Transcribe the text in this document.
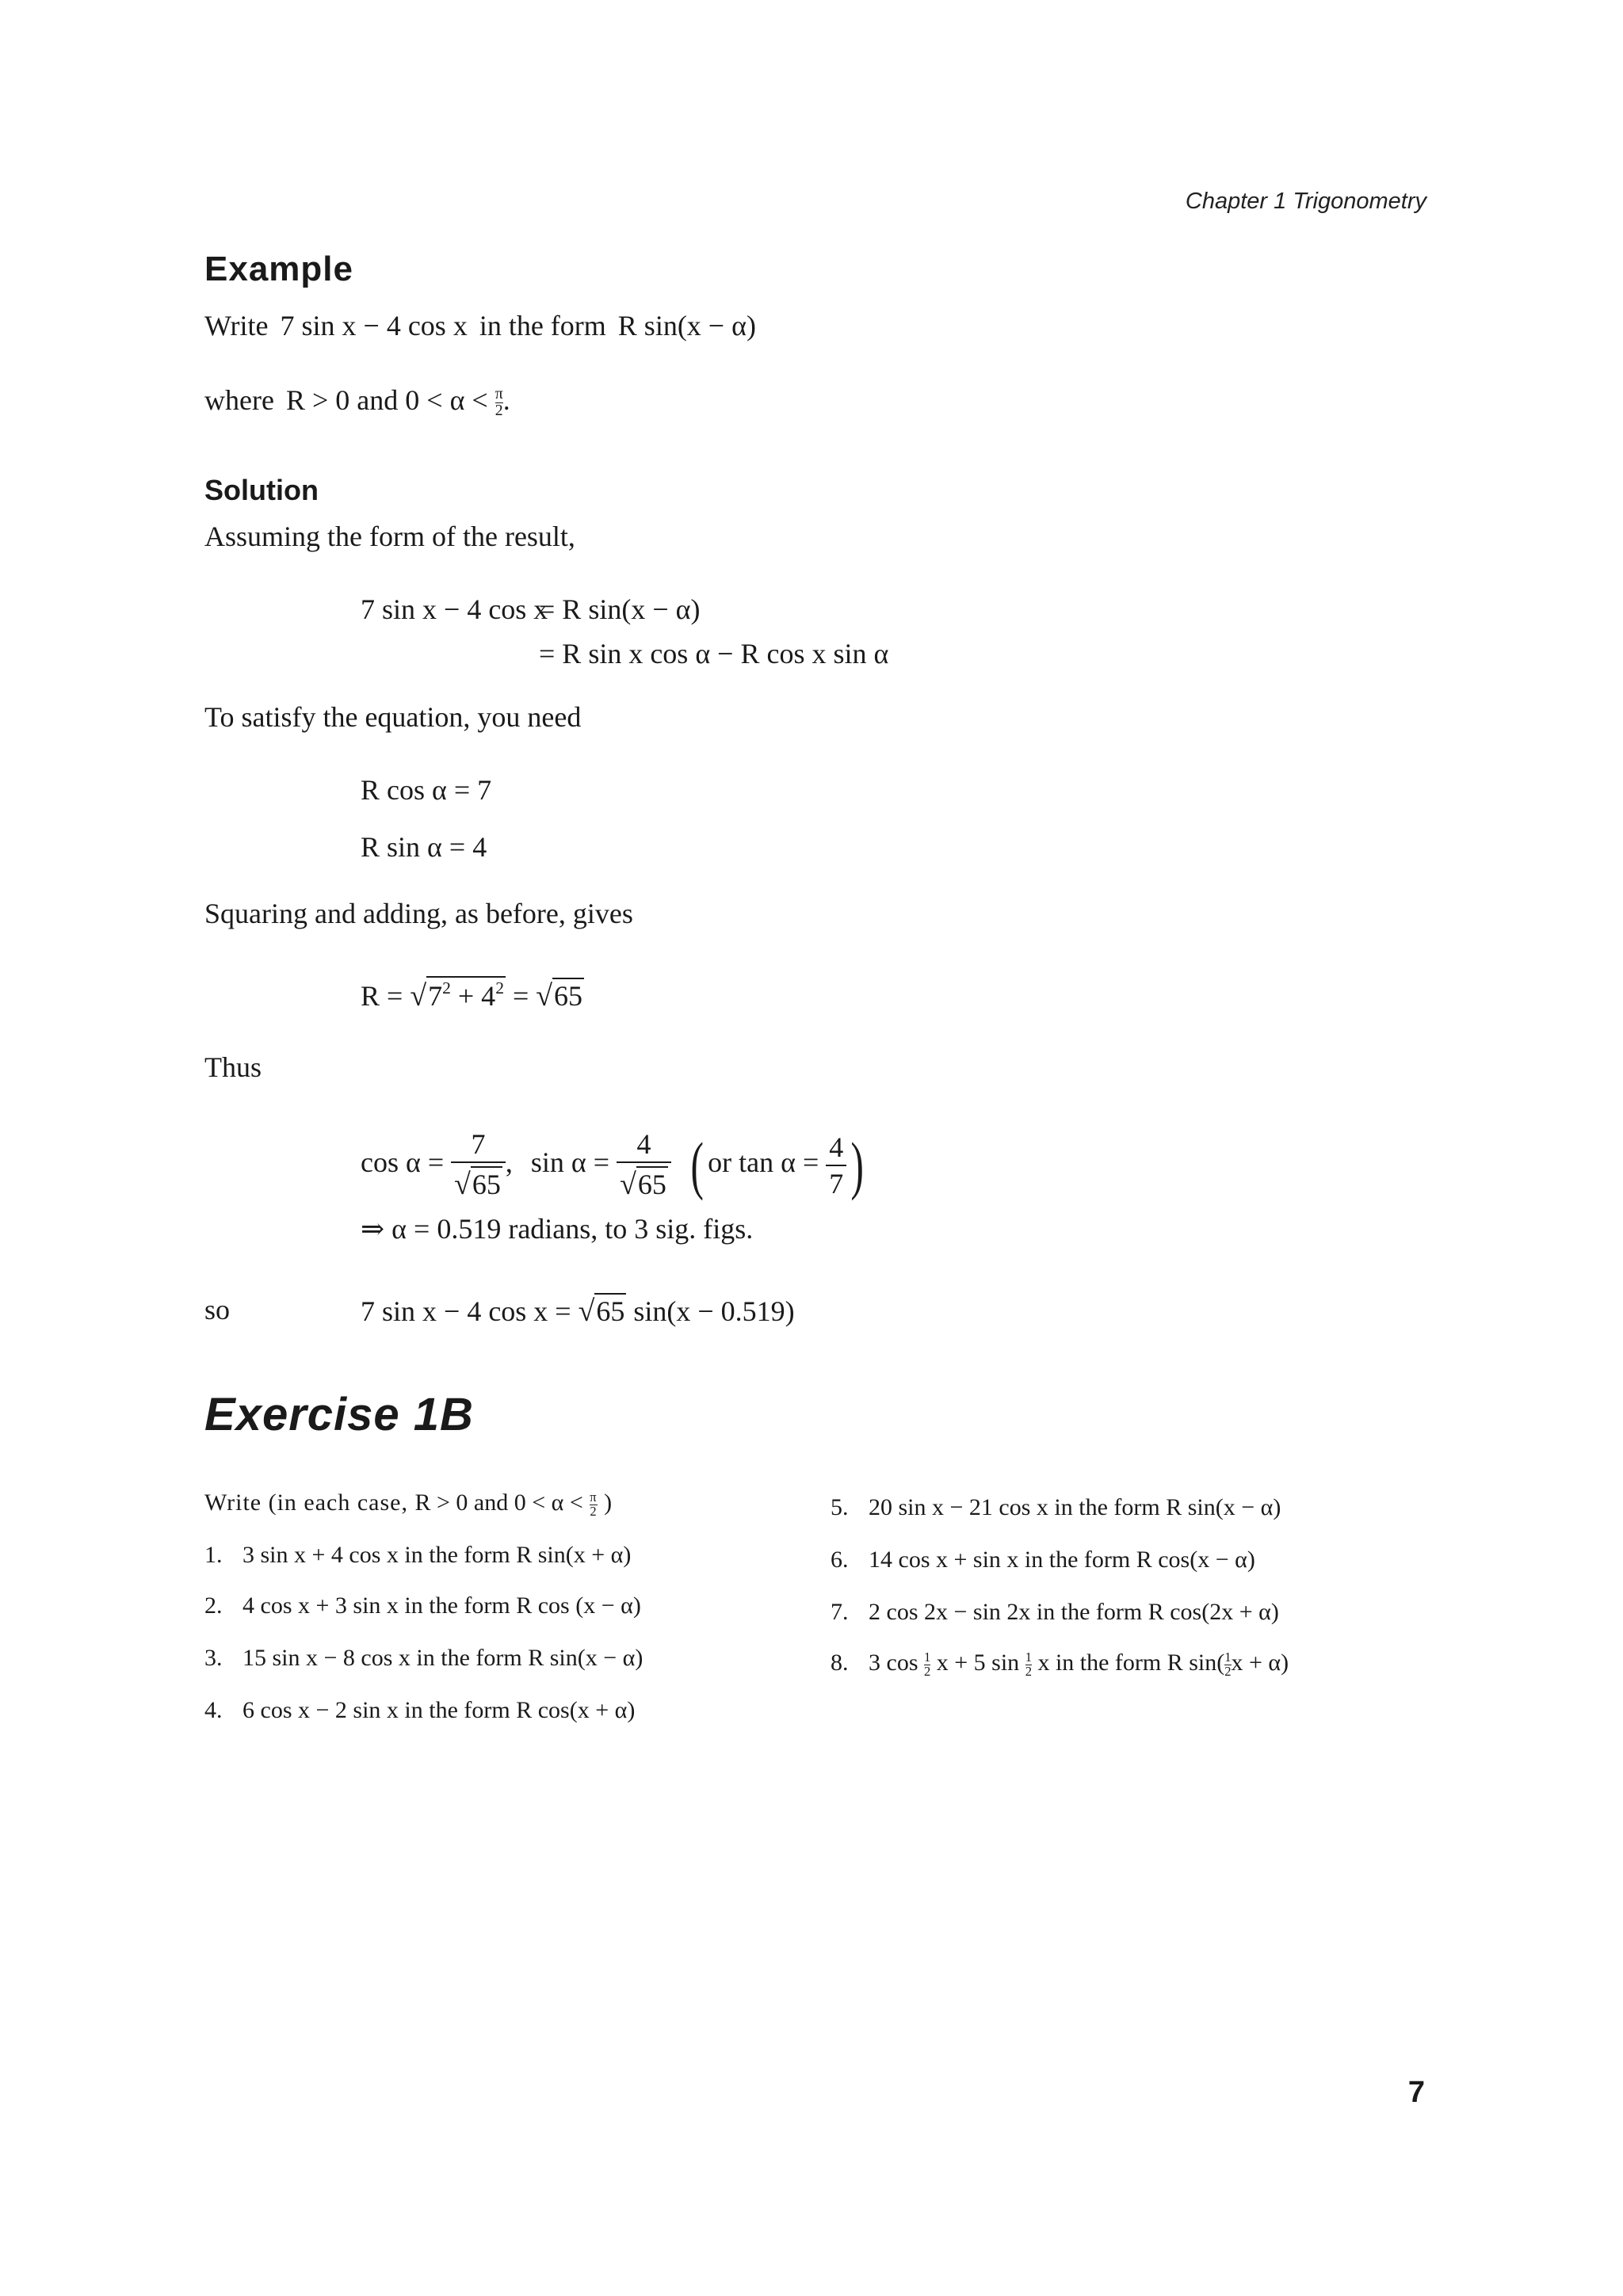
Chapter 1 Trigonometry
Example
Write 7 sin x − 4 cos x in the form R sin(x − α)
where R > 0 and $0 < \alpha < \frac{\pi}{2}$ .
Solution
Assuming the form of the result,
7 sin x − 4 cos x
= R sin(x − α)
= R sin x cos α − R cos x sin α
To satisfy the equation, you need
R cos α = 7
R sin α = 4
Squaring and adding, as before, gives
$R = √7^2 + 4^2 = √65$
Thus
$\cos \alpha = \frac{7}{√65}$ , $\sin \alpha = \frac{4}{√65}$ ( or $\tan \alpha = \frac{4}{7}$ )
⇒ α = 0.519 radians, to 3 sig. figs.
so	7 sin x − 4 cos x = √65 sin(x − 0.519)
Exercise 1B
Write (in each case, R > 0 and $0 < \alpha < \frac{\pi}{2}$ )
1. 3 sin x + 4 cos x in the form R sin(x + α)
2. 4 cos x + 3 sin x in the form R cos (x − α)
3. 15 sin x − 8 cos x in the form R sin(x − α)
4. 6 cos x − 2 sin x in the form R cos(x + α)
5. 20 sin x − 21 cos x in the form R sin(x − α)
6. 14 cos x + sin x in the form R cos(x − α)
7. 2 cos 2x − sin 2x in the form R cos(2x + α)
8. 3 $\cos \frac{1}{2}$ x + 5 $\sin \frac{1}{2}$ x in the form R $\sin( \frac{1}{2}$ x + α)
7
